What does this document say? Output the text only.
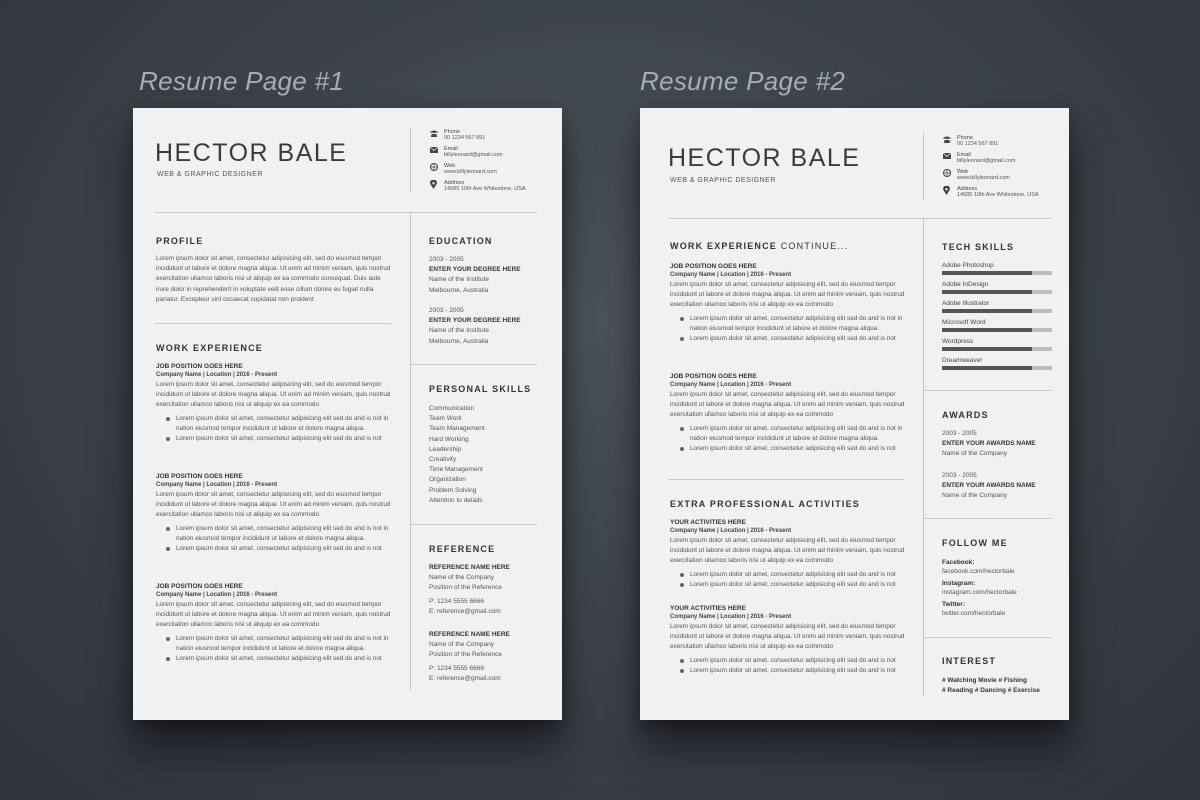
Resume Page #1	Resume Page #2
HECTOR BALE
WEB & GRAPHIC DESIGNER
Phone
00 1234 567 891
Email
billyleonard@gmail.com
Web
www.billyleonard.com
Address
14585 10th Ave Whitestone, USA
PROFILE
Lorem ipsum dolor sit amet, consectetur adipisicing elit, sed do eiusmod tempor incididunt ut labore et dolore magna aliqua. Ut enim ad minim veniam, quis nostrud exercitation ullamco laboris nisi ut aliquip ex ea commodo consequat. Duis aute irure dolor in reprehenderit in voluptate velit esse cillum dolore eu fugiat nulla pariatur. Excepteur sint occaecat cupidatat non proident
WORK EXPERIENCE
JOB POSITION GOES HERE
Company Name | Location | 2016 - Present
Lorem ipsum dolor sit amet, consectetur adipisicing elit, sed do eiusmod tempor incididunt ut labore et dolore magna aliqua. Ut enim ad minim veniam, quis nostrud exercitation ullamco laboris nisi ut aliquip ex ea commodo
Lorem ipsum dolor sit amet, consectetur adipisicing elit sed do and is not in nation eiusmod tempor incididunt ut labore et dolore magna aliqua.
Lorem ipsum dolor sit amet, consectetur adipisicing elit sed do and is not
JOB POSITION GOES HERE
Company Name | Location | 2016 - Present
Lorem ipsum dolor sit amet, consectetur adipisicing elit, sed do eiusmod tempor incididunt ut labore et dolore magna aliqua. Ut enim ad minim veniam, quis nostrud exercitation ullamco laboris nisi ut aliquip ex ea commodo
Lorem ipsum dolor sit amet, consectetur adipisicing elit sed do and is not in nation eiusmod tempor incididunt ut labore et dolore magna aliqua.
Lorem ipsum dolor sit amet, consectetur adipisicing elit sed do and is not
JOB POSITION GOES HERE
Company Name | Location | 2016 - Present
Lorem ipsum dolor sit amet, consectetur adipisicing elit, sed do eiusmod tempor incididunt ut labore et dolore magna aliqua. Ut enim ad minim veniam, quis nostrud exercitation ullamco laboris nisi ut aliquip ex ea commodo
Lorem ipsum dolor sit amet, consectetur adipisicing elit sed do and is not in nation eiusmod tempor incididunt ut labore et dolore magna aliqua.
Lorem ipsum dolor sit amet, consectetur adipisicing elit sed do and is not
EDUCATION
2003 - 2005
ENTER YOUR DEGREE HERE
Name of the Institute
Melbourne, Australia
2003 - 2005
ENTER YOUR DEGREE HERE
Name of the Institute
Melbourne, Australia
PERSONAL SKILLS
Communication
Team Work
Team Management
Hard Working
Leadership
Creativity
Time Management
Organization
Problem Solving
Attention to details
REFERENCE
REFERENCE NAME HERE
Name of the Company
Position of the Reference
P: 1234 5555 6666
E: reference@gmail.com
REFERENCE NAME HERE
Name of the Company
Position of the Reference
P: 1234 5555 6666
E: reference@gmail.com
HECTOR BALE
WEB & GRAPHIC DESIGNER
Phone
00 1234 567 891
Email
billyleonard@gmail.com
Web
www.billyleonard.com
Address
14585 10th Ave Whitestone, USA
WORK EXPERIENCE CONTINUE...
JOB POSITION GOES HERE
Company Name | Location | 2016 - Present
Lorem ipsum dolor sit amet, consectetur adipisicing elit, sed do eiusmod tempor incididunt ut labore et dolore magna aliqua. Ut enim ad minim veniam, quis nostrud exercitation ullamco laboris nisi ut aliquip ex ea commodo
Lorem ipsum dolor sit amet, consectetur adipisicing elit sed do and is not in nation eiusmod tempor incididunt ut labore et dolore magna aliqua.
Lorem ipsum dolor sit amet, consectetur adipisicing elit sed do and is not
JOB POSITION GOES HERE
Company Name | Location | 2016 - Present
Lorem ipsum dolor sit amet, consectetur adipisicing elit, sed do eiusmod tempor incididunt ut labore et dolore magna aliqua. Ut enim ad minim veniam, quis nostrud exercitation ullamco laboris nisi ut aliquip ex ea commodo
Lorem ipsum dolor sit amet, consectetur adipisicing elit sed do and is not in nation eiusmod tempor incididunt ut labore et dolore magna aliqua.
Lorem ipsum dolor sit amet, consectetur adipisicing elit sed do and is not
EXTRA PROFESSIONAL ACTIVITIES
YOUR ACTIVITIES HERE
Company Name | Location | 2016 - Present
Lorem ipsum dolor sit amet, consectetur adipisicing elit, sed do eiusmod tempor incididunt ut labore et dolore magna aliqua. Ut enim ad minim veniam, quis nostrud exercitation ullamco laboris nisi ut aliquip ex ea commodo
Lorem ipsum dolor sit amet, consectetur adipisicing elit sed do and is not
Lorem ipsum dolor sit amet, consectetur adipisicing elit sed do and is not
YOUR ACTIVITIES HERE
Company Name | Location | 2016 - Present
Lorem ipsum dolor sit amet, consectetur adipisicing elit, sed do eiusmod tempor incididunt ut labore et dolore magna aliqua. Ut enim ad minim veniam, quis nostrud exercitation ullamco laboris nisi ut aliquip ex ea commodo
Lorem ipsum dolor sit amet, consectetur adipisicing elit sed do and is not
Lorem ipsum dolor sit amet, consectetur adipisicing elit sed do and is not
TECH SKILLS
Adobe Photoshop
Adobe InDesign
Adobe Illustrator
Microsoft Word
Wordpress
Dreamweaver
AWARDS
2003 - 2005
ENTER YOUR AWARDS NAME
Name of the Company
2003 - 2005
ENTER YOUR AWARDS NAME
Name of the Company
FOLLOW ME
Facebook:
facebook.com/hectorbale
Instagram:
instagram.com/hectorbale
Twitter:
twitter.com/hectorbale
INTEREST
# Watching Movie # Fishing
# Reading # Dancing # Exercise
